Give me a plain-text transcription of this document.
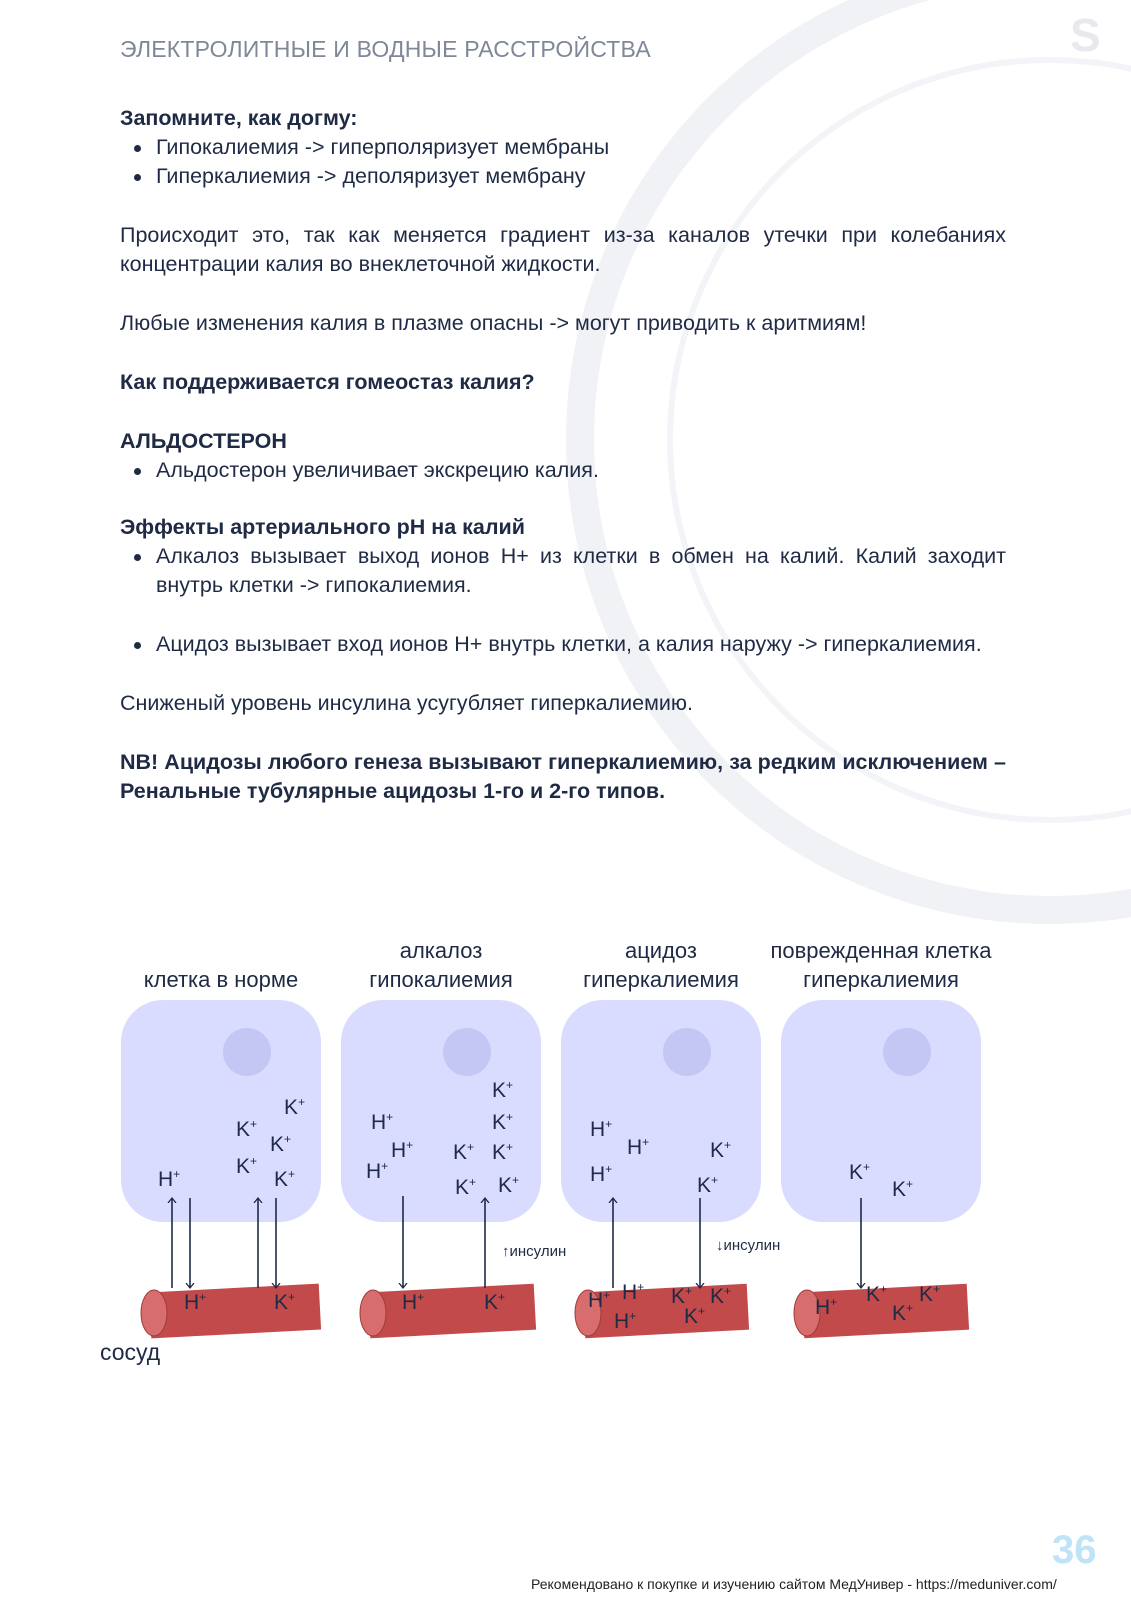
ЭЛЕКТРОЛИТНЫЕ И ВОДНЫЕ РАССТРОЙСТВА	S

Запомните, как догму:

Гипокалиемия -> гиперполяризует мембраны
Гиперкалиемия -> деполяризует мембрану

Происходит это, так как меняется градиент из-за каналов утечки при колебаниях концентрации калия во внеклеточной жидкости.

Любые изменения калия в плазме опасны -> могут приводить к аритмиям!

Как поддерживается гомеостаз калия?

АЛЬДОСТЕРОН

Альдостерон увеличивает экскрецию калия.

Эффекты артериального pH на калий

Алкалоз вызывает выход ионов Н+ из клетки в обмен на калий. Калий заходит внутрь клетки -> гипокалиемия.
Ацидоз вызывает вход ионов Н+ внутрь клетки, а калия наружу -> гиперкалиемия.

Сниженый уровень инсулина усугубляет гиперкалиемию.

NB! Ацидозы любого генеза вызывают гиперкалиемию, за редким исключением – Ренальные тубулярные ацидозы 1-го и 2-го типов.

клетка в норме
алкалоз
гипокалиемия
ацидоз
гиперкалиемия
поврежденная клетка
гиперкалиемия
K+
K+
K+
K+
K+
H+
H+	K+
K+
H+	K+
H+ K+ K+
H+
K+ K+
↑инсулин
H+	K+
H+
H+	K+
H+
K+
↓инсулин
H+ H+
H+
K+ K+
K+
K+
K+
H+ K+ K+
K+
сосуд
36
Рекомендовано к покупке и изучению сайтом МедУнивер - https://meduniver.com/
